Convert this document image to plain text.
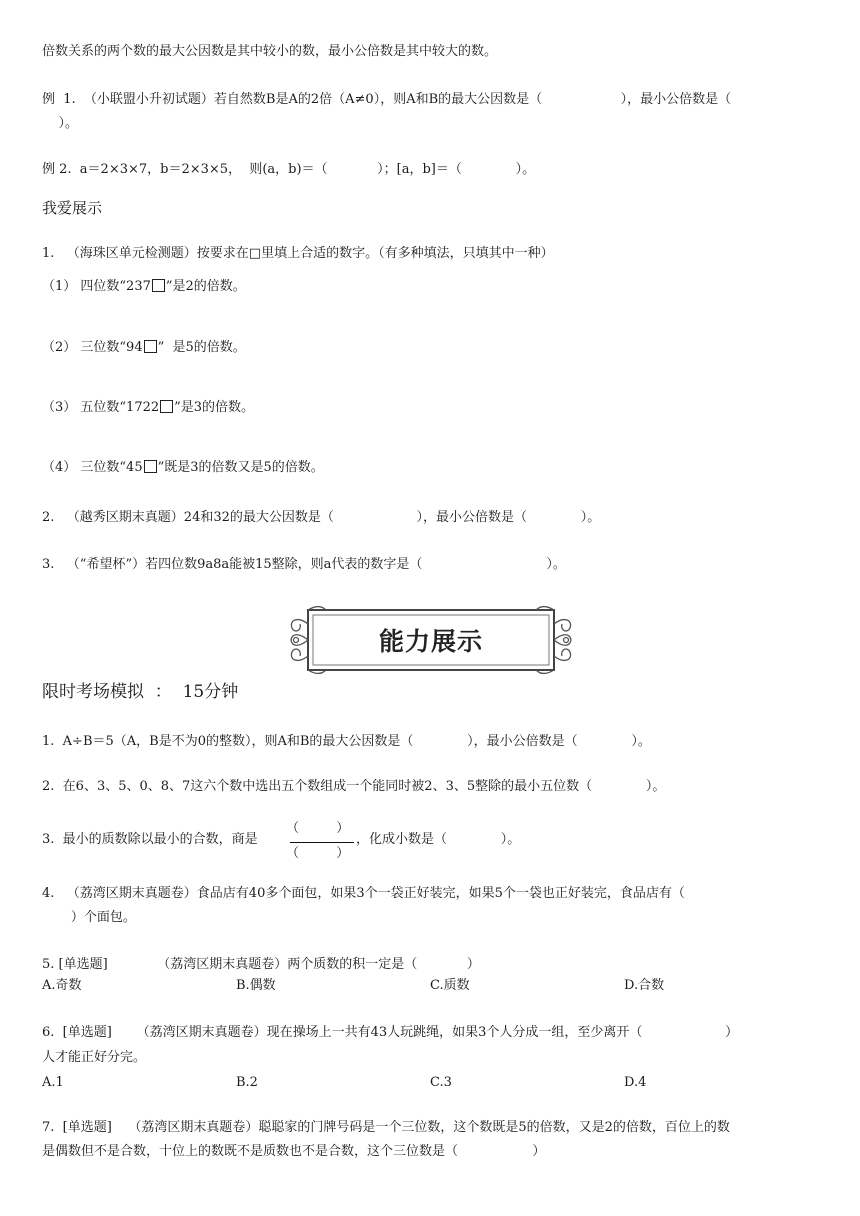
倍数关系的两个数的最大公因数是其中较小的数，最小公倍数是其中较大的数。
例  1.  （小联盟小升初试题）若自然数B是A的2倍（A≠0），则A和B的最大公因数是（                   ），最小公倍数是（
）。
例 2.  a＝2×3×7，b＝2×3×5，  则(a，b)＝（            ）；[a，b]＝（             ）。
我爱展示
1.   （海珠区单元检测题）按要求在□里填上合适的数字。（有多种填法，只填其中一种）
（1） 四位数“237 ”是2的倍数。
（2） 三位数“94 ”  是5的倍数。
（3） 五位数“1722 ”是3的倍数。
（4） 三位数“45 ”既是3的倍数又是5的倍数。
2.   （越秀区期末真题）24和32的最大公因数是（                    ），最小公倍数是（             ）。
3.   （“希望杯”）若四位数9a8a能被15整除，则a代表的数字是（                              ）。
能力展示
限时考场模拟  ：  15分钟
1.  A÷B＝5（A，B是不为0的整数），则A和B的最大公因数是（             ），最小公倍数是（             ）。
2.  在6、3、5、0、8、7这六个数中选出五个数组成一个能同时被2、3、5整除的最小五位数（             ）。
3.  最小的质数除以最小的合数，商是
（         ）
（         ）
，化成小数是（             ）。
4.   （荔湾区期末真题卷）食品店有40多个面包，如果3个一袋正好装完，如果5个一袋也正好装完，食品店有（
）个面包。
5. [单选题]            （荔湾区期末真题卷）两个质数的积一定是（            ）
A.奇数	B.偶数	C.质数	D.合数
6.  [单选题]      （荔湾区期末真题卷）现在操场上一共有43人玩跳绳，如果3个人分成一组，至少离开（                    ）
人才能正好分完。
A.1	B.2	C.3	D.4
7.  [单选题]    （荔湾区期末真题卷）聪聪家的门牌号码是一个三位数，这个数既是5的倍数，又是2的倍数，百位上的数
是偶数但不是合数，十位上的数既不是质数也不是合数，这个三位数是（                  ）
